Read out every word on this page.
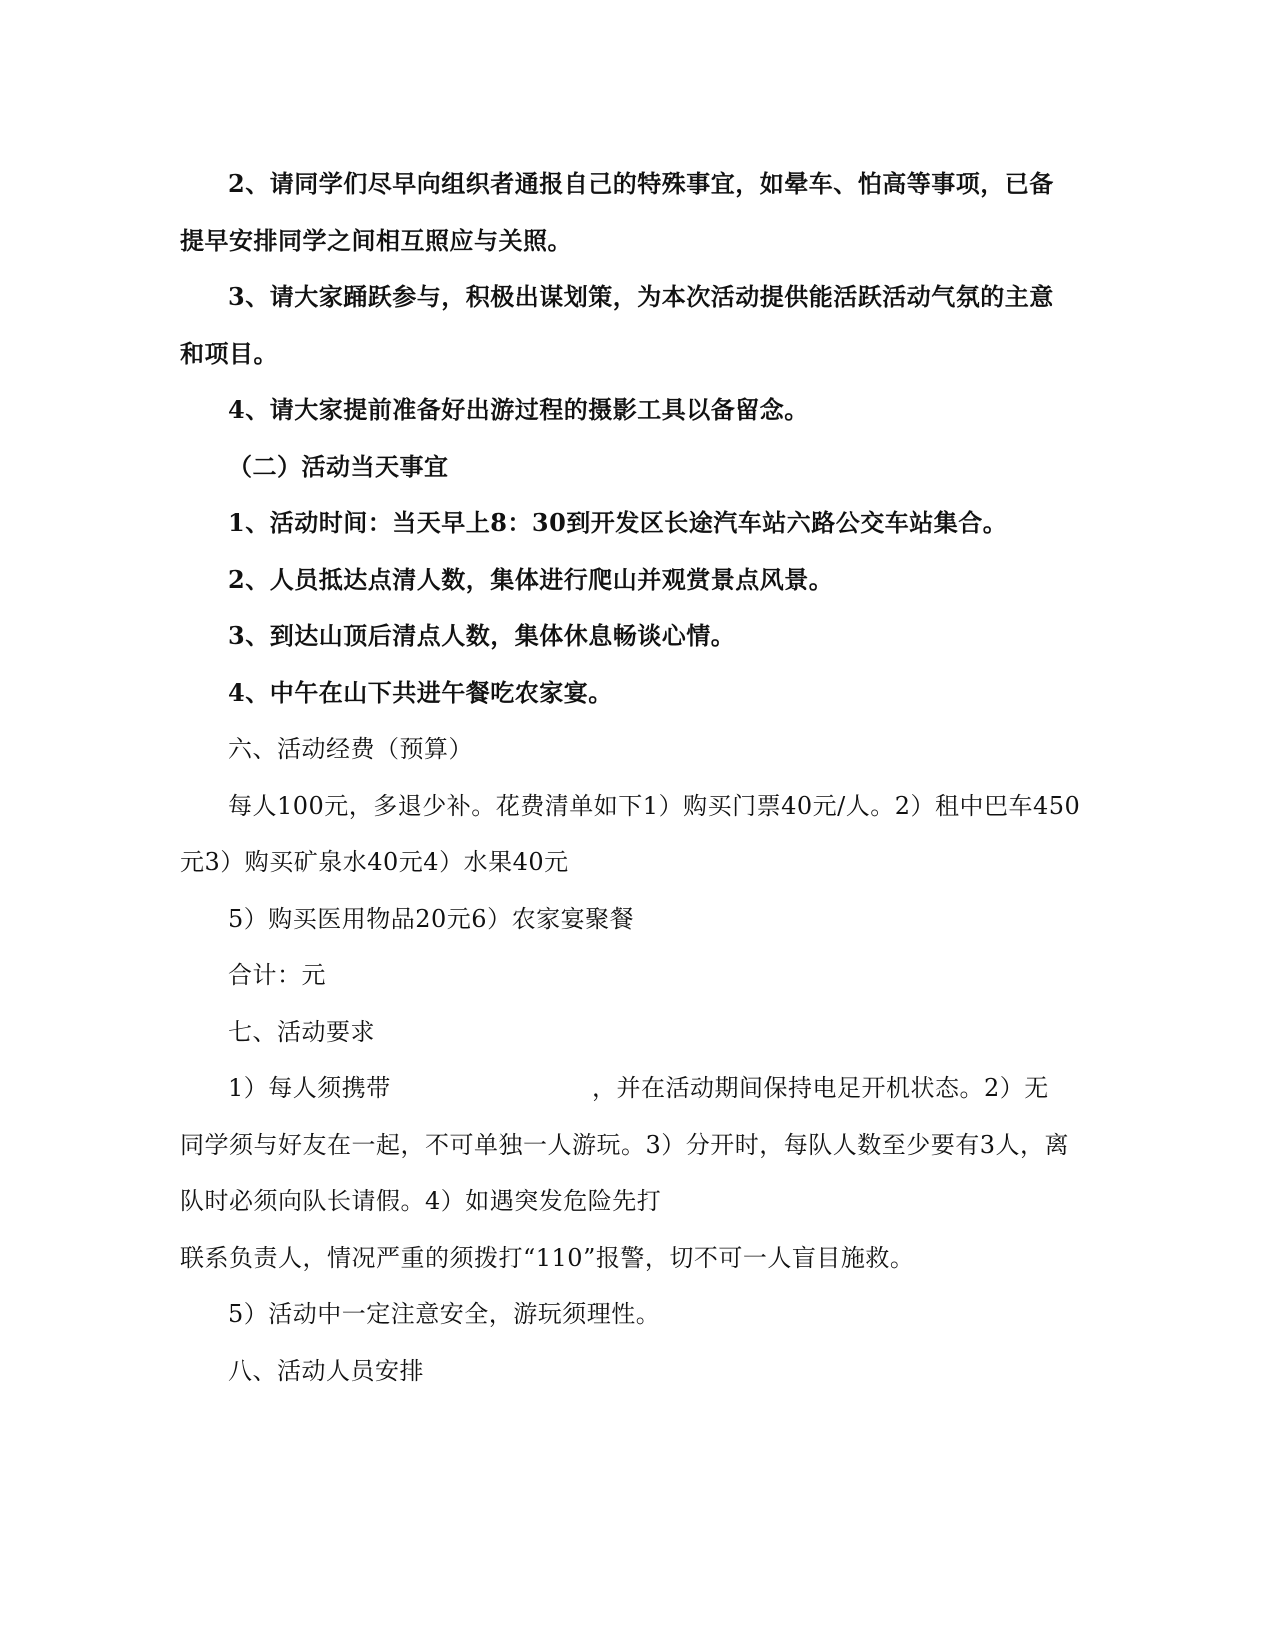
2、请同学们尽早向组织者通报自己的特殊事宜，如晕车、怕高等事项，已备
提早安排同学之间相互照应与关照。
3、请大家踊跃参与，积极出谋划策，为本次活动提供能活跃活动气氛的主意
和项目。
4、请大家提前准备好出游过程的摄影工具以备留念。
（二）活动当天事宜
1、活动时间：当天早上8：30到开发区长途汽车站六路公交车站集合。
2、人员抵达点清人数，集体进行爬山并观赏景点风景。
3、到达山顶后清点人数，集体休息畅谈心情。
4、中午在山下共进午餐吃农家宴。
六、活动经费（预算）
每人100元，多退少补。花费清单如下1）购买门票40元/人。2）租中巴车450
元3）购买矿泉水40元4）水果40元
5）购买医用物品20元6）农家宴聚餐
合计：元
七、活动要求
1）每人须携带	，并在活动期间保持电足开机状态。2）无
同学须与好友在一起，不可单独一人游玩。3）分开时，每队人数至少要有3人，离
队时必须向队长请假。4）如遇突发危险先打
联系负责人，情况严重的须拨打“110”报警，切不可一人盲目施救。
5）活动中一定注意安全，游玩须理性。
八、活动人员安排
